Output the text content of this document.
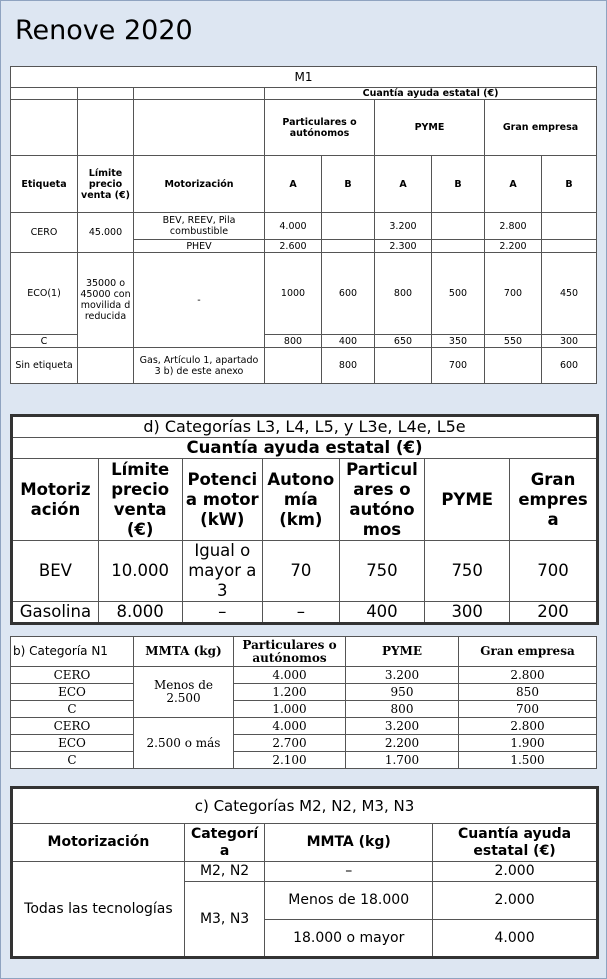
Renove 2020
M1								
			Cuantía ayuda estatal (€)					
			Particulares o autónomos		PYME		Gran empresa	

Etiqueta	Límite precio venta (€)	Motorización	A	B	A	B	A	B
CERO	45.000	BEV, REEV, Pila combustible	4.000		3.200		2.800	
		PHEV	2.600		2.300		2.200	
ECO(1)	35000 o 45000 con movilida d reducida	-	1000	600	800	500	700	450
C			800	400	650	350	550	300
Sin etiqueta		Gas, Artículo 1, apartado 3 b) de este anexo		800		700		600
d) Categorías L3, L4, L5, y L3e, L4e, L5e						
Cuantía ayuda estatal (€)						
Motoriz ación	Límite precio venta (€)	Potenci a motor (kW)	Autono mía (km)	Particul ares o autóno mos	PYME	Gran empres a
BEV	10.000	Igual o mayor a 3	70	750	750	700
Gasolina	8.000	–	–	400	300	200
b) Categoría N1	MMTA (kg)	Particulares o autónomos	PYME	Gran empresa
CERO	Menos de 2.500	4.000	3.200	2.800
ECO		1.200	950	850
C		1.000	800	700
CERO	2.500 o más	4.000	3.200	2.800
ECO		2.700	2.200	1.900
C		2.100	1.700	1.500
c) Categorías M2, N2, M3, N3			
Motorización	Categorí a	MMTA (kg)	Cuantía ayuda estatal (€)
Todas las tecnologías	M2, N2	–	2.000
	M3, N3	Menos de 18.000	2.000
		18.000 o mayor	4.000
